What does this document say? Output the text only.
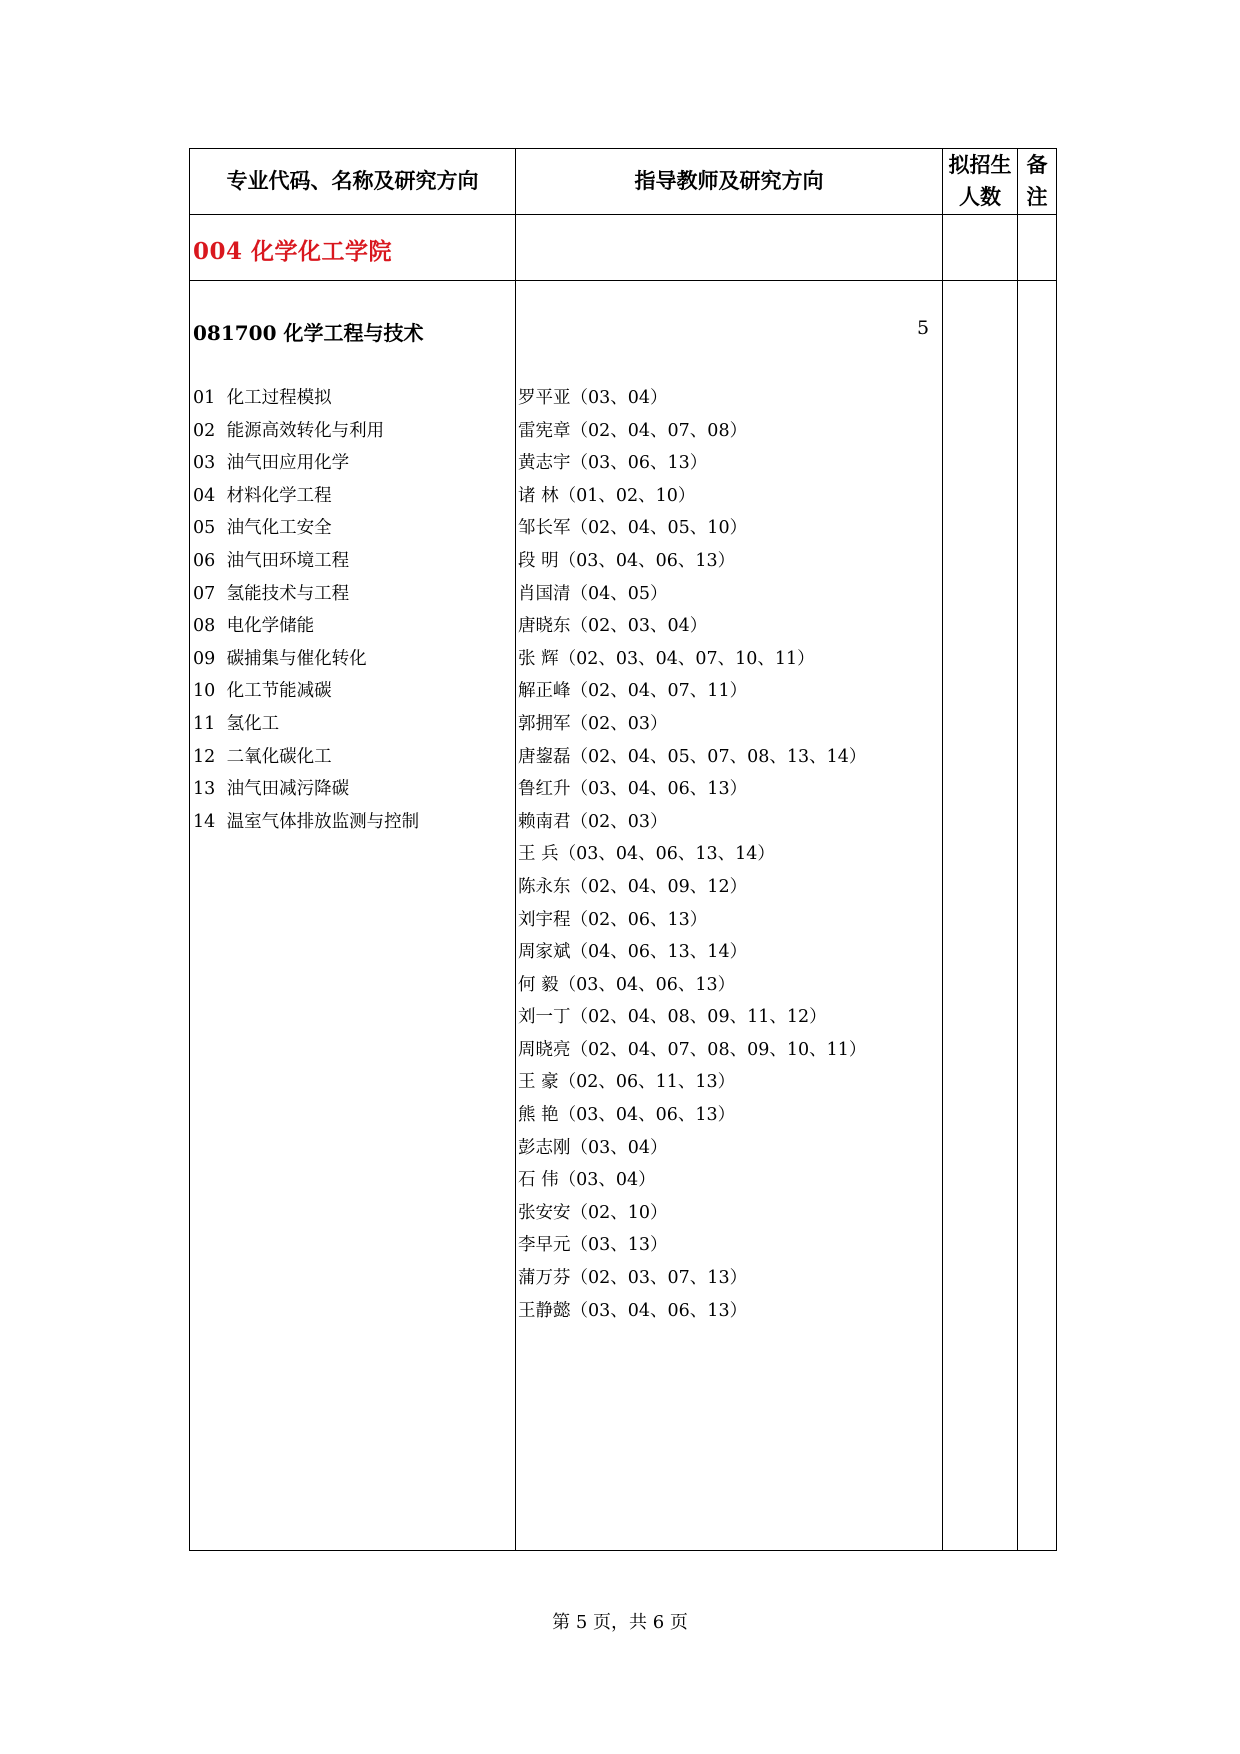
专业代码、名称及研究方向	指导教师及研究方向
拟招生
人数
备
注
004 化学化工学院
081700 化学工程与技术	5
01 化工过程模拟
02 能源高效转化与利用
03 油气田应用化学
04 材料化学工程
05 油气化工安全
06 油气田环境工程
07 氢能技术与工程
08 电化学储能
09 碳捕集与催化转化
10 化工节能减碳
11 氢化工
12 二氧化碳化工
13 油气田减污降碳
14 温室气体排放监测与控制
罗平亚（03、04）
雷宪章（02、04、07、08）
黄志宇（03、06、13）
诸 林（01、02、10）
邹长军（02、04、05、10）
段 明（03、04、06、13）
肖国清（04、05）
唐晓东（02、03、04）
张 辉（02、03、04、07、10、11）
解正峰（02、04、07、11）
郭拥军（02、03）
唐鋆磊（02、04、05、07、08、13、14）
鲁红升（03、04、06、13）
赖南君（02、03）
王 兵（03、04、06、13、14）
陈永东（02、04、09、12）
刘宇程（02、06、13）
周家斌（04、06、13、14）
何 毅（03、04、06、13）
刘一丁（02、04、08、09、11、12）
周晓亮（02、04、07、08、09、10、11）
王 豪（02、06、11、13）
熊 艳（03、04、06、13）
彭志刚（03、04）
石 伟（03、04）
张安安（02、10）
李早元（03、13）
蒲万芬（02、03、07、13）
王静懿（03、04、06、13）
第 5 页，共 6 页
